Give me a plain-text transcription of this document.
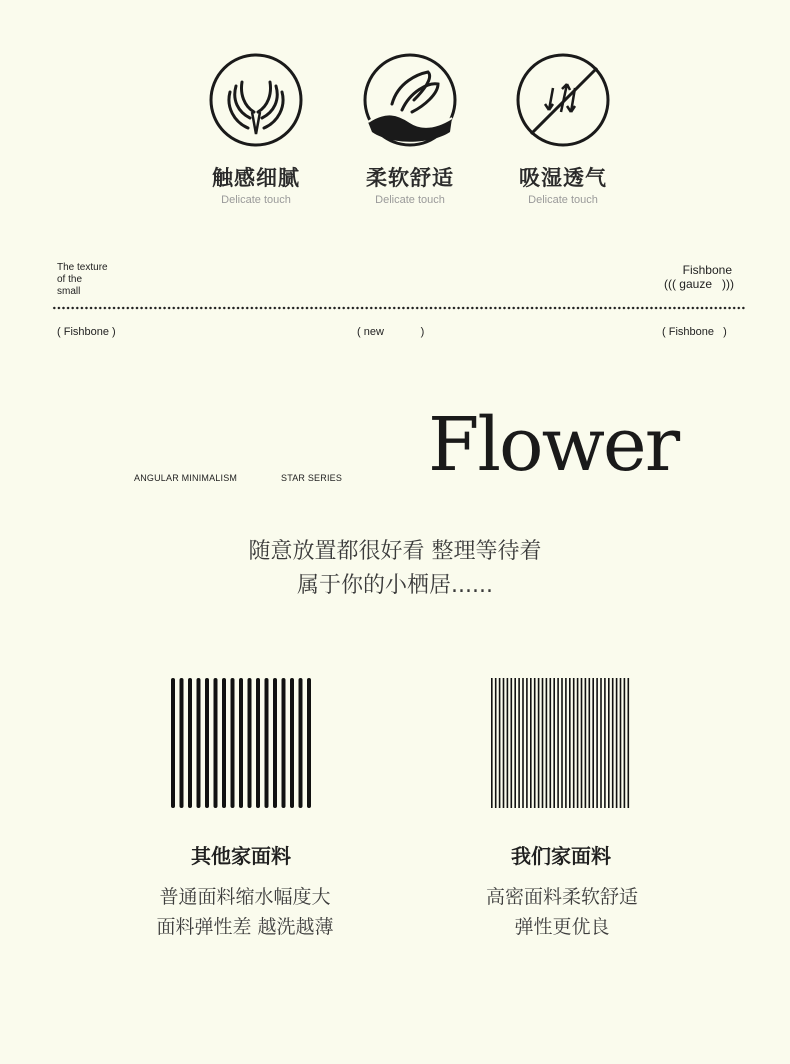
触感细腻
Delicate touch
柔软舒适
Delicate touch
吸湿透气
Delicate touch
The texture
of the
small
Fishbone
((( gauze   )))
( Fishbone )	( new            )	( Fishbone   )
ANGULAR MINIMALISM	STAR SERIES Flower
随意放置都很好看 整理等待着
属于你的小栖居......
其他家面料	我们家面料
普通面料缩水幅度大
面料弹性差 越洗越薄
高密面料柔软舒适
弹性更优良
